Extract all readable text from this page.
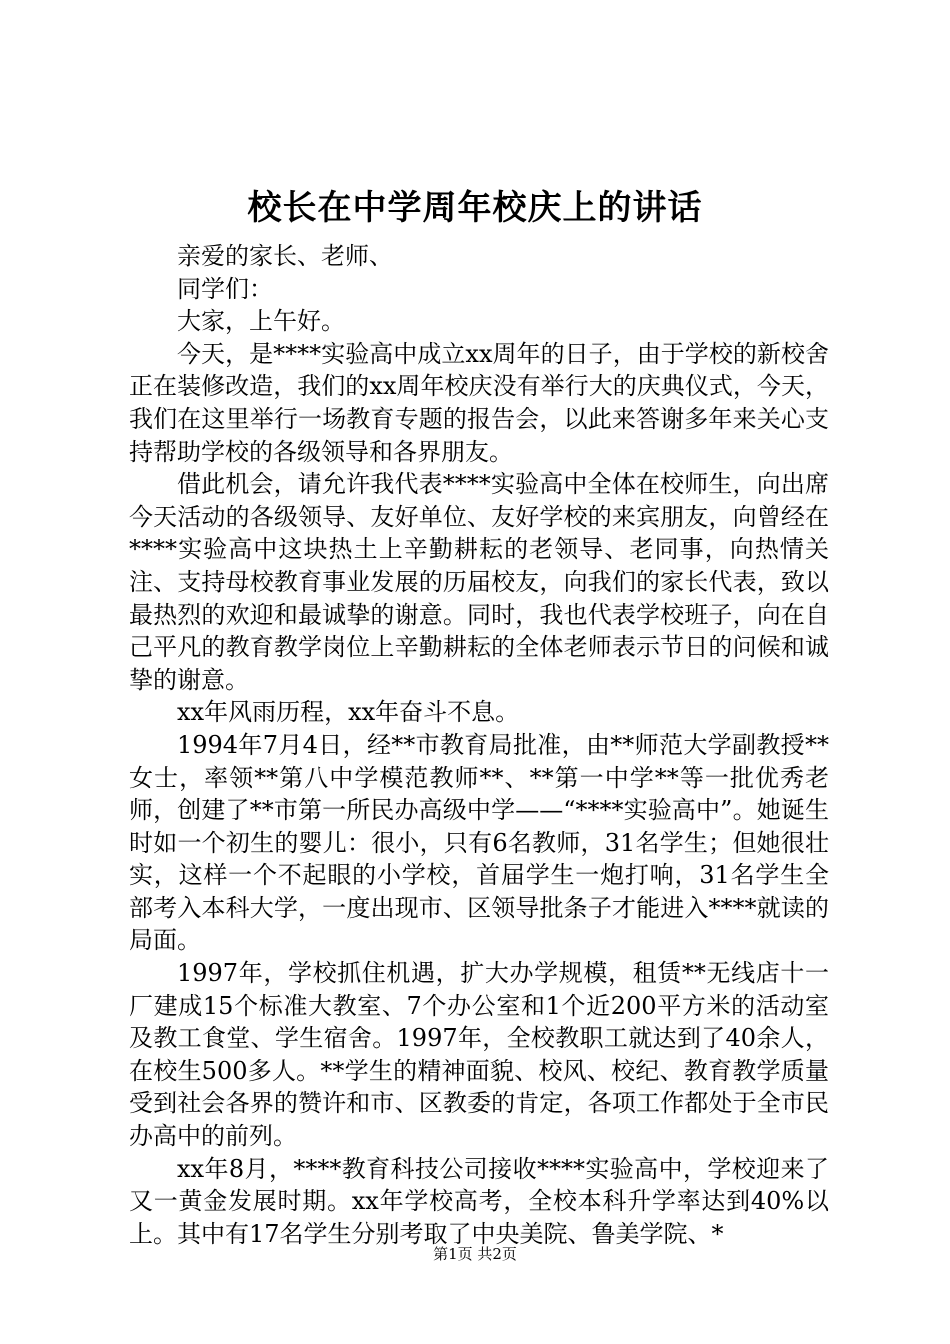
校长在中学周年校庆上的讲话

亲爱的家长、老师、

同学们：

大家，上午好。

今天，是****实验高中成立xx周年的日子，由于学校的新校舍正在装修改造，我们的xx周年校庆没有举行大的庆典仪式，今天，我们在这里举行一场教育专题的报告会，以此来答谢多年来关心支持帮助学校的各级领导和各界朋友。

借此机会，请允许我代表****实验高中全体在校师生，向出席今天活动的各级领导、友好单位、友好学校的来宾朋友，向曾经在****实验高中这块热土上辛勤耕耘的老领导、老同事，向热情关注、支持母校教育事业发展的历届校友，向我们的家长代表，致以最热烈的欢迎和最诚挚的谢意。同时，我也代表学校班子，向在自己平凡的教育教学岗位上辛勤耕耘的全体老师表示节日的问候和诚挚的谢意。

xx年风雨历程，xx年奋斗不息。

1994年7月4日，经**市教育局批准，由**师范大学副教授**女士，率领**第八中学模范教师**、**第一中学**等一批优秀老师，创建了**市第一所民办高级中学——“****实验高中”。她诞生时如一个初生的婴儿：很小，只有6名教师，31名学生；但她很壮实，这样一个不起眼的小学校，首届学生一炮打响，31名学生全部考入本科大学，一度出现市、区领导批条子才能进入****就读的局面。

1997年，学校抓住机遇，扩大办学规模，租赁**无线店十一厂建成15个标准大教室、7个办公室和1个近200平方米的活动室及教工食堂、学生宿舍。1997年，全校教职工就达到了40余人，在校生500多人。**学生的精神面貌、校风、校纪、教育教学质量受到社会各界的赞许和市、区教委的肯定，各项工作都处于全市民办高中的前列。

xx年8月，****教育科技公司接收****实验高中，学校迎来了又一黄金发展时期。xx年学校高考，全校本科升学率达到40%以上。其中有17名学生分别考取了中央美院、鲁美学院、*

第1页 共2页
